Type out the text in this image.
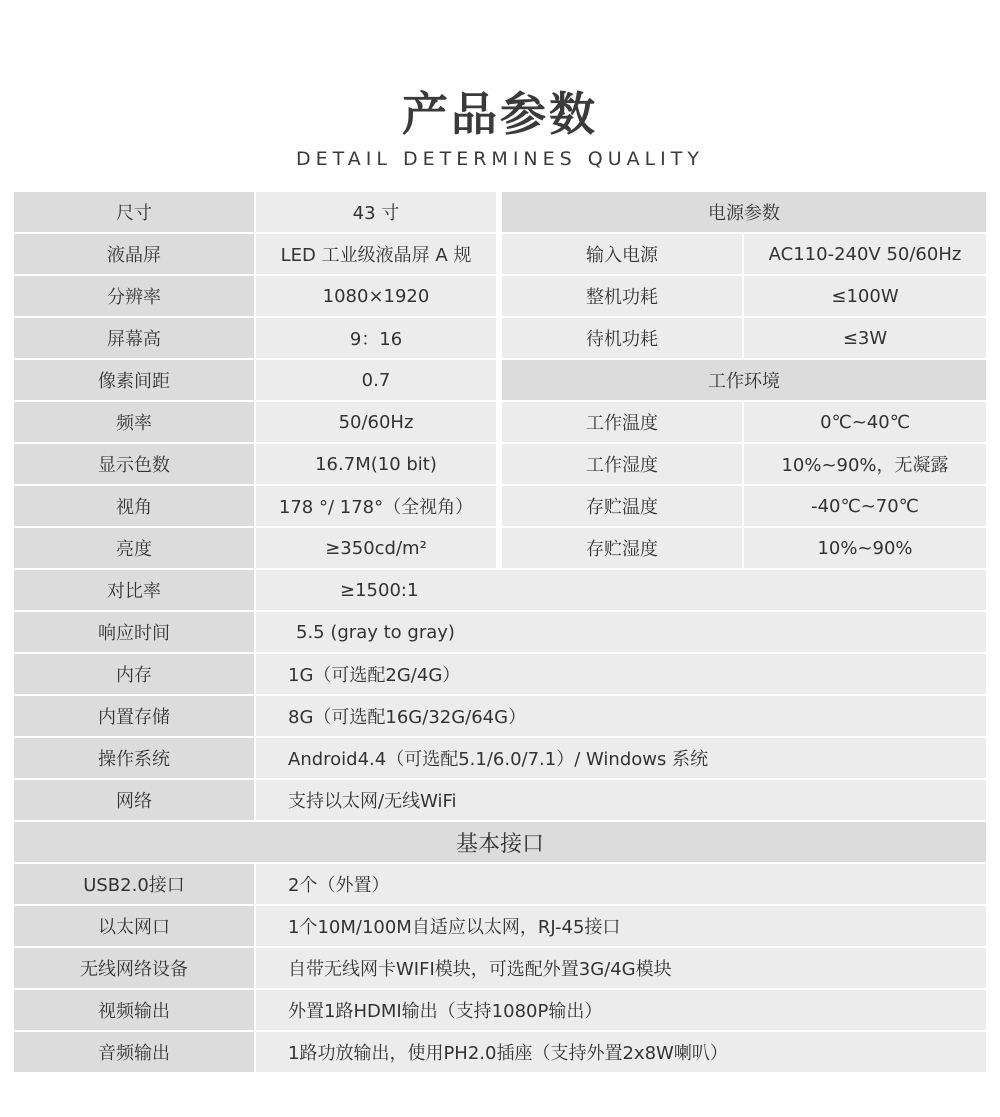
产品参数
DETAIL DETERMINES QUALITY
尺寸	43 寸
液晶屏	LED 工业级液晶屏 A 规
分辨率	1080×1920
屏幕高	9：16
像素间距	0.7
频率	50/60Hz
显示色数	16.7M(10 bit)
视角	178 °/ 178°（全视角）
亮度	≥350cd/m²
电源参数
输入电源	AC110-240V 50/60Hz
整机功耗	≤100W
待机功耗	≤3W
工作环境
工作温度	0℃~40℃
工作湿度	10%~90%，无凝露
存贮温度	-40℃~70℃
存贮湿度	10%~90%
对比率	≥1500:1
响应时间	5.5 (gray to gray)
内存	1G（可选配2G/4G）
内置存储	8G（可选配16G/32G/64G）
操作系统	Android4.4（可选配5.1/6.0/7.1）/ Windows 系统
网络	支持以太网/无线WiFi
基本接口
USB2.0接口	2个（外置）
以太网口	1个10M/100M自适应以太网，RJ-45接口
无线网络设备	自带无线网卡WIFI模块，可选配外置3G/4G模块
视频输出	外置1路HDMI输出（支持1080P输出）
音频输出	1路功放输出，使用PH2.0插座（支持外置2x8W喇叭）
